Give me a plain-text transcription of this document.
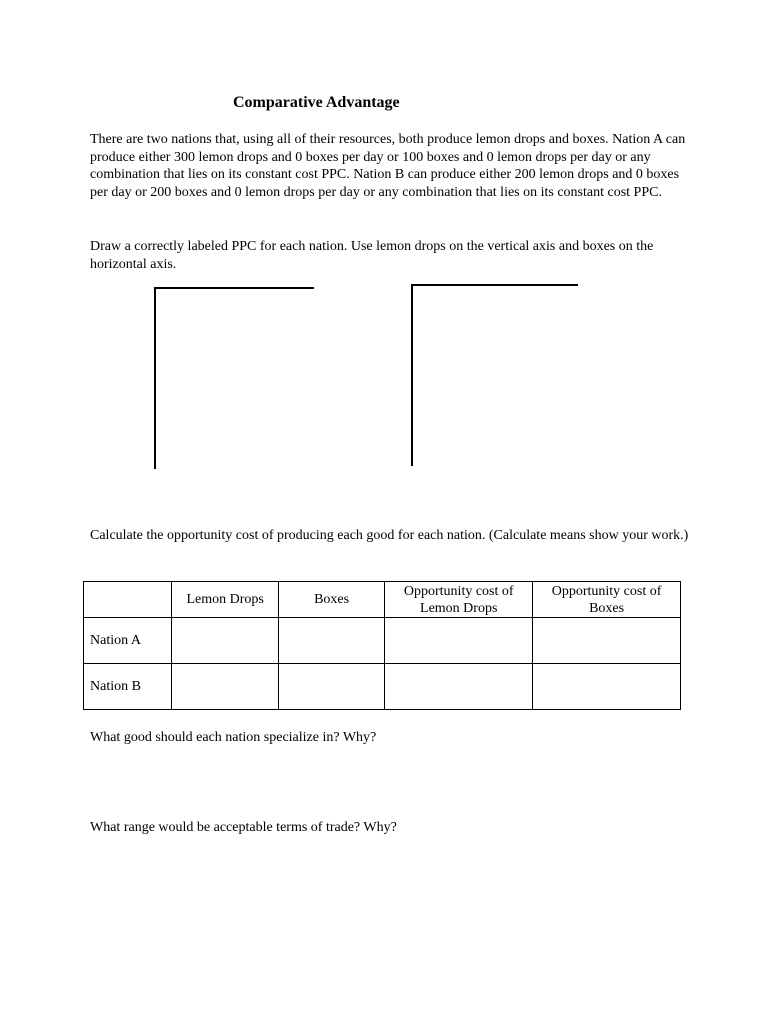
Comparative Advantage

There are two nations that, using all of their resources, both produce lemon drops and boxes. Nation A can produce either 300 lemon drops and 0 boxes per day or 100 boxes and 0 lemon drops per day or any combination that lies on its constant cost PPC. Nation B can produce either 200 lemon drops and 0 boxes per day or 200 boxes and 0 lemon drops per day or any combination that lies on its constant cost PPC.

Draw a correctly labeled PPC for each nation. Use lemon drops on the vertical axis and boxes on the horizontal axis.

Calculate the opportunity cost of producing each good for each nation. (Calculate means show your work.)

	Lemon Drops	Boxes	Opportunity cost of Lemon Drops	Opportunity cost of Boxes
Nation A				
Nation B				

What good should each nation specialize in? Why?

What range would be acceptable terms of trade? Why?
